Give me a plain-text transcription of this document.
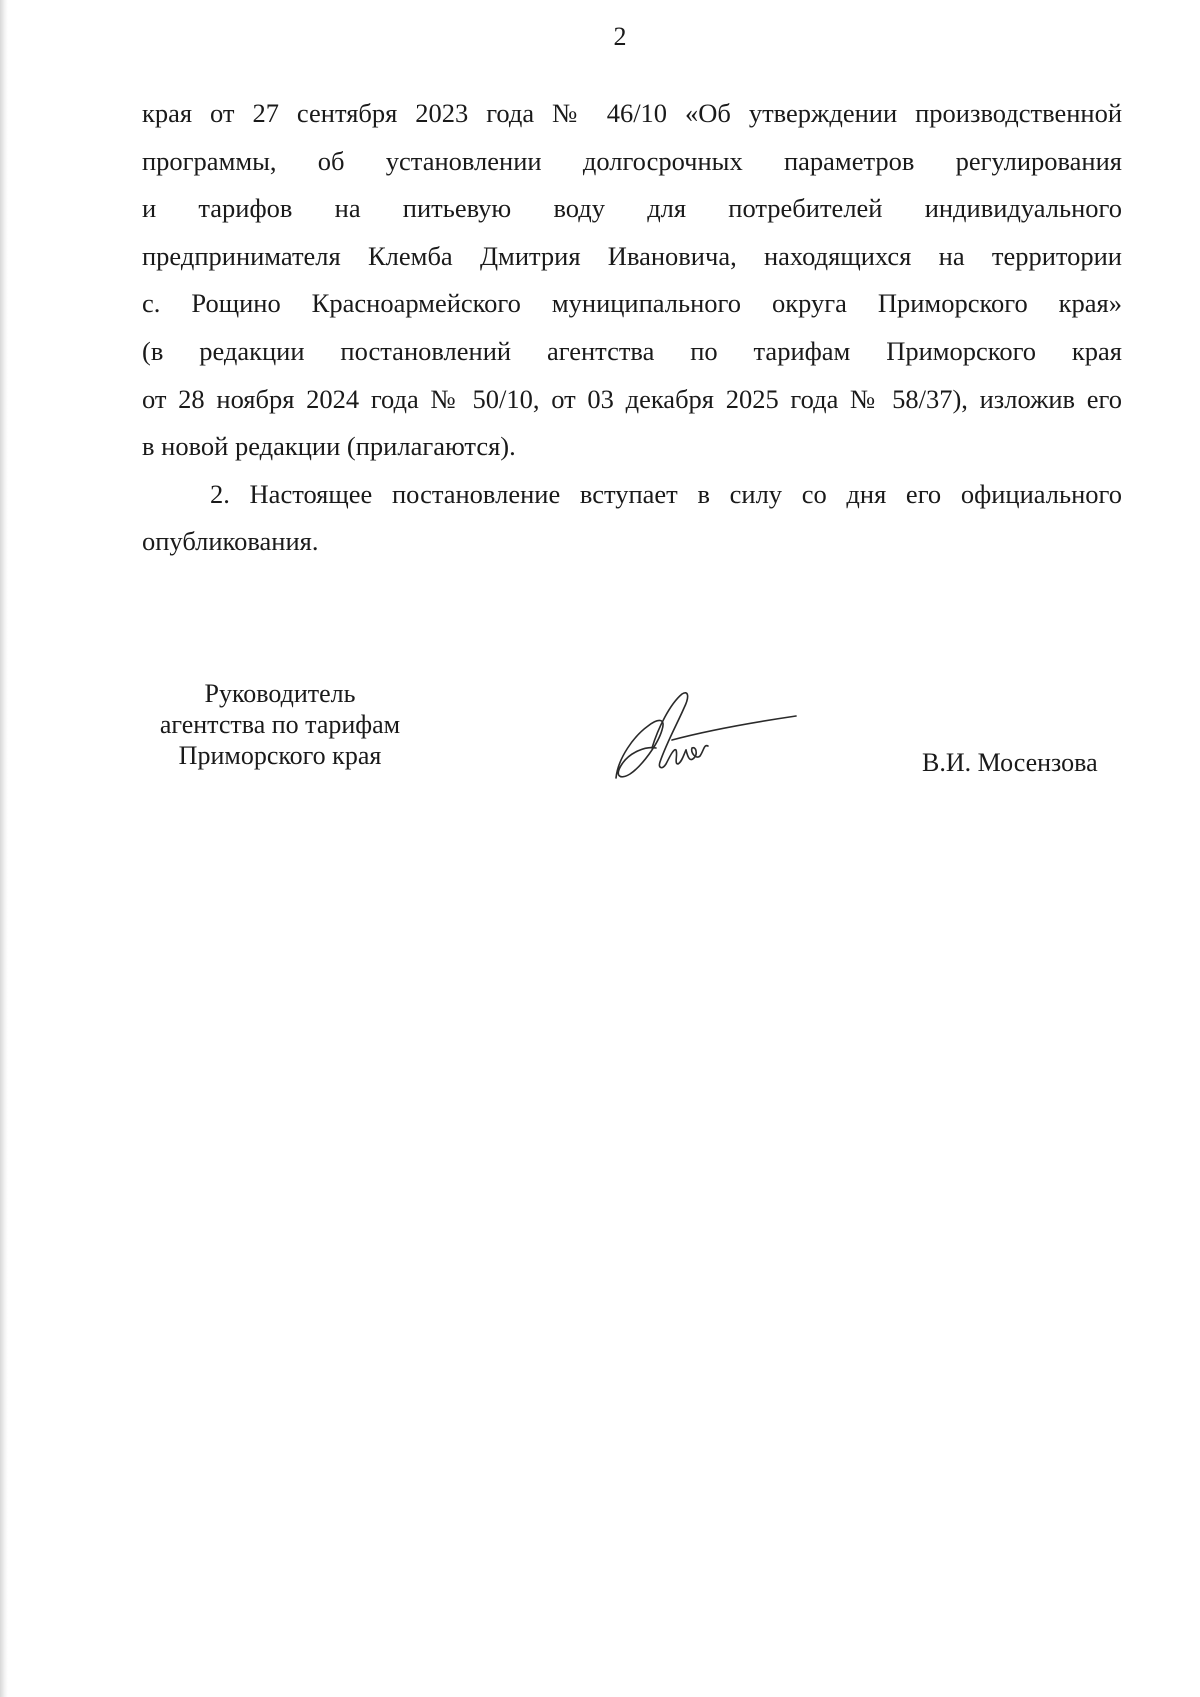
2

края от 27 сентября 2023 года № 46/10 «Об утверждении производственной
программы, об установлении долгосрочных параметров регулирования
и тарифов на питьевую воду для потребителей индивидуального
предпринимателя Клемба Дмитрия Ивановича, находящихся на территории
с. Рощино Красноармейского муниципального округа Приморского края»
(в редакции постановлений агентства по тарифам Приморского края
от 28 ноября 2024 года № 50/10, от 03 декабря 2025 года № 58/37), изложив его
в новой редакции (прилагаются).

2. Настоящее постановление вступает в силу со дня его официального
опубликования.

Руководитель
агентства по тарифам
Приморского края	В.И. Мосензова
